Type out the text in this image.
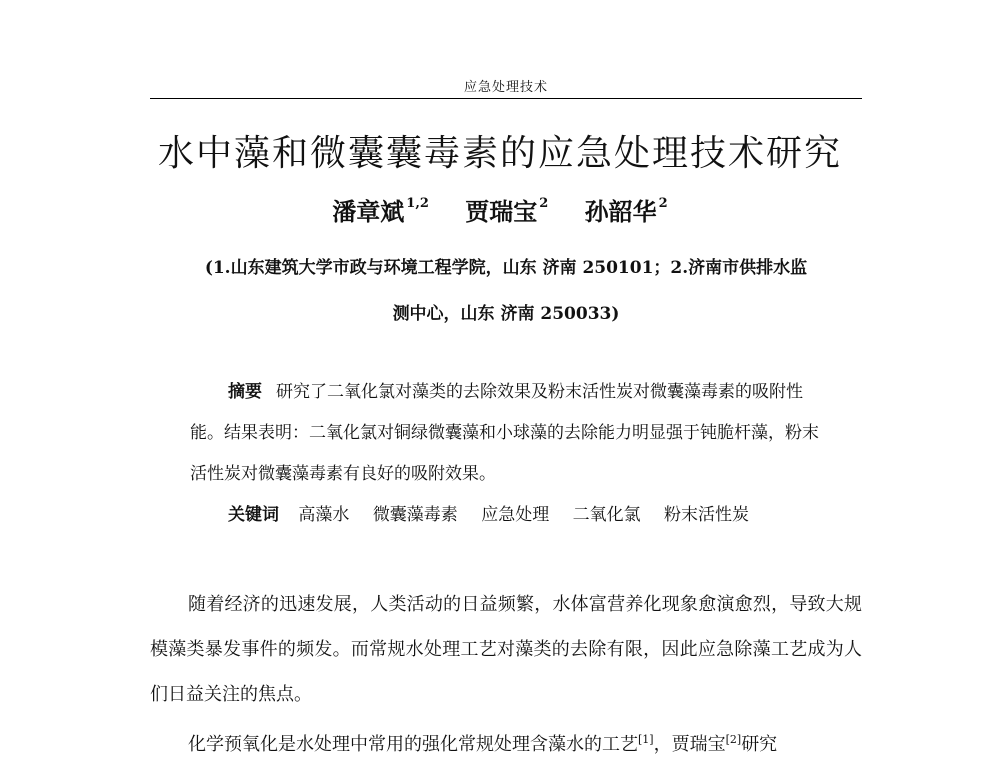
应急处理技术
水中藻和微囊囊毒素的应急处理技术研究
潘章斌 $^{1,2}$ 贾瑞宝 $^2$ 孙韶华 $^2$
(1.山东建筑大学市政与环境工程学院，山东 济南 250101；2.济南市供排水监
测中心，山东 济南 250033)
摘要 研究了二氧化氯对藻类的去除效果及粉末活性炭对微囊藻毒素的吸附性能。结果表明：二氧化氯对铜绿微囊藻和小球藻的去除能力明显强于钝脆杆藻，粉末活性炭对微囊藻毒素有良好的吸附效果。
关键词 高藻水 微囊藻毒素 应急处理 二氧化氯 粉末活性炭

随着经济的迅速发展，人类活动的日益频繁，水体富营养化现象愈演愈烈，导致大规模藻类暴发事件的频发。而常规水处理工艺对藻类的去除有限，因此应急除藻工艺成为人们日益关注的焦点。

化学预氧化是水处理中常用的强化常规处理含藻水的工艺[1]，贾瑞宝[2]研究
